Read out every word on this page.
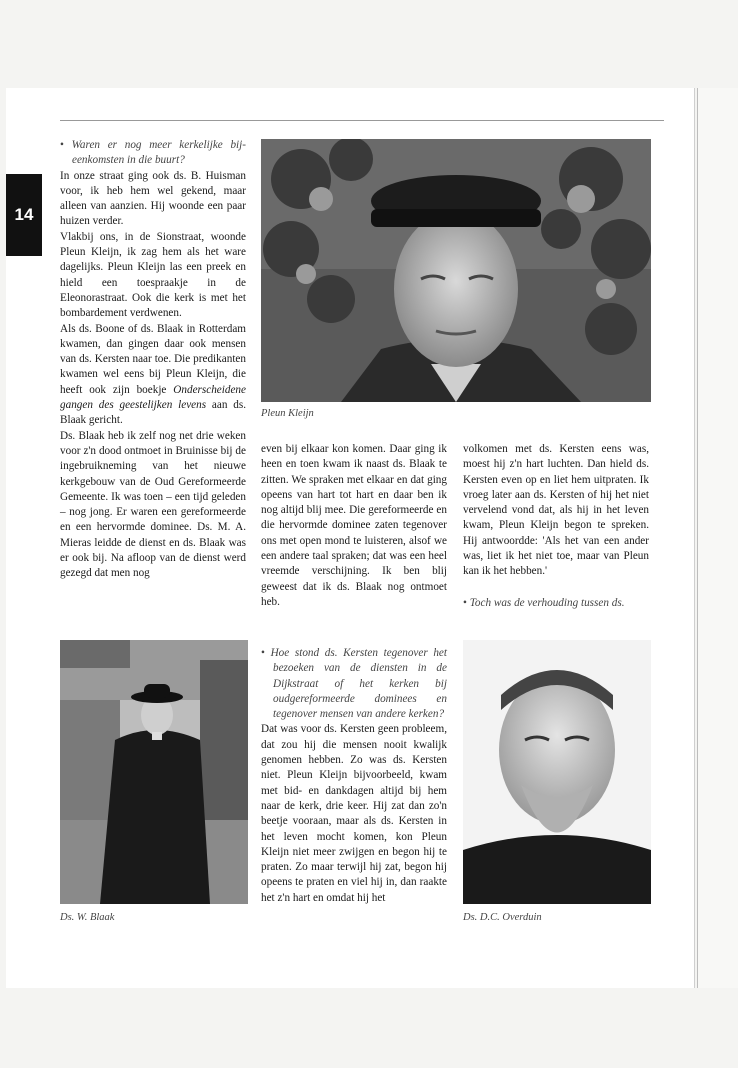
14

• Waren er nog meer kerkelijke bij-eenkomsten in die buurt?

In onze straat ging ook ds. B. Huisman voor, ik heb hem wel gekend, maar alleen van aanzien. Hij woonde een paar huizen verder.

Vlakbij ons, in de Sionstraat, woonde Pleun Kleijn, ik zag hem als het ware dagelijks. Pleun Kleijn las een preek en hield een toespraakje in de Eleonorastraat. Ook die kerk is met het bombardement verdwenen.

Als ds. Boone of ds. Blaak in Rotterdam kwamen, dan gingen daar ook mensen van ds. Kersten naar toe. Die predikanten kwamen wel eens bij Pleun Kleijn, die heeft ook zijn boekje Onderscheidene gangen des geestelijken levens aan ds. Blaak gericht.

Ds. Blaak heb ik zelf nog net drie weken voor z'n dood ontmoet in Bruinisse bij de ingebruikneming van het nieuwe kerkgebouw van de Oud Gereformeerde Gemeente. Ik was toen – een tijd geleden – nog jong. Er waren een gereformeerde en een hervormde dominee. Ds. M. A. Mieras leidde de dienst en ds. Blaak was er ook bij. Na afloop van de dienst werd gezegd dat men nog

Pleun Kleijn

even bij elkaar kon komen. Daar ging ik heen en toen kwam ik naast ds. Blaak te zitten. We spraken met elkaar en dat ging opeens van hart tot hart en daar ben ik nog altijd blij mee. Die gereformeerde en die hervormde dominee zaten tegenover ons met open mond te luisteren, alsof we een andere taal spraken; dat was een heel vreemde verschijning. Ik ben blij geweest dat ik ds. Blaak nog ontmoet heb.

volkomen met ds. Kersten eens was, moest hij z'n hart luchten. Dan hield ds. Kersten even op en liet hem uitpraten. Ik vroeg later aan ds. Kersten of hij het niet vervelend vond dat, als hij in het leven kwam, Pleun Kleijn begon te spreken. Hij antwoordde: 'Als het van een ander was, liet ik het niet toe, maar van Pleun kan ik het hebben.'

• Toch was de verhouding tussen ds.

Ds. W. Blaak

• Hoe stond ds. Kersten tegenover het bezoeken van de diensten in de Dijkstraat of het kerken bij oudgereformeerde dominees en tegenover mensen van andere kerken?

Dat was voor ds. Kersten geen probleem, dat zou hij die mensen nooit kwalijk genomen hebben. Zo was ds. Kersten niet. Pleun Kleijn bijvoorbeeld, kwam met bid- en dankdagen altijd bij hem naar de kerk, drie keer. Hij zat dan zo'n beetje vooraan, maar als ds. Kersten in het leven mocht komen, kon Pleun Kleijn niet meer zwijgen en begon hij te praten. Zo maar terwijl hij zat, begon hij opeens te praten en viel hij in, dan raakte het z'n hart en omdat hij het

Ds. D.C. Overduin
